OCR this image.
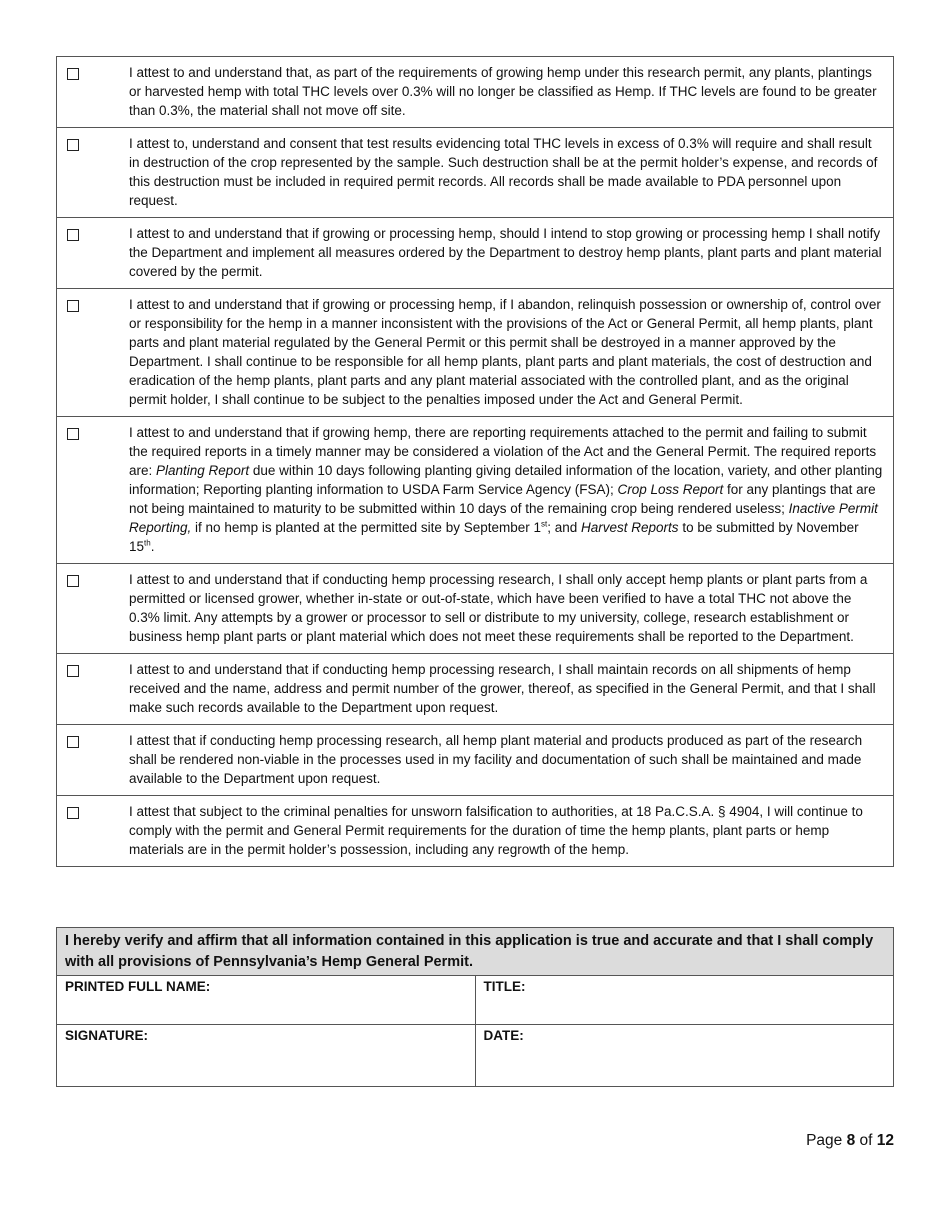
	I attest to and understand that, as part of the requirements of growing hemp under this research permit, any plants, plantings or harvested hemp with total THC levels over 0.3% will no longer be classified as Hemp. If THC levels are found to be greater than 0.3%, the material shall not move off site.
	I attest to, understand and consent that test results evidencing total THC levels in excess of 0.3% will require and shall result in destruction of the crop represented by the sample. Such destruction shall be at the permit holder’s expense, and records of this destruction must be included in required permit records. All records shall be made available to PDA personnel upon request.
	I attest to and understand that if growing or processing hemp, should I intend to stop growing or processing hemp I shall notify the Department and implement all measures ordered by the Department to destroy hemp plants, plant parts and plant material covered by the permit.
	I attest to and understand that if growing or processing hemp, if I abandon, relinquish possession or ownership of, control over or responsibility for the hemp in a manner inconsistent with the provisions of the Act or General Permit, all hemp plants, plant parts and plant material regulated by the General Permit or this permit shall be destroyed in a manner approved by the Department. I shall continue to be responsible for all hemp plants, plant parts and plant materials, the cost of destruction and eradication of the hemp plants, plant parts and any plant material associated with the controlled plant, and as the original permit holder, I shall continue to be subject to the penalties imposed under the Act and General Permit.
	I attest to and understand that if growing hemp, there are reporting requirements attached to the permit and failing to submit the required reports in a timely manner may be considered a violation of the Act and the General Permit. The required reports are: Planting Report due within 10 days following planting giving detailed information of the location, variety, and other planting information; Reporting planting information to USDA Farm Service Agency (FSA); Crop Loss Report for any plantings that are not being maintained to maturity to be submitted within 10 days of the remaining crop being rendered useless; Inactive Permit Reporting, if no hemp is planted at the permitted site by September 1st; and Harvest Reports to be submitted by November 15th.
	I attest to and understand that if conducting hemp processing research, I shall only accept hemp plants or plant parts from a permitted or licensed grower, whether in-state or out-of-state, which have been verified to have a total THC not above the 0.3% limit. Any attempts by a grower or processor to sell or distribute to my university, college, research establishment or business hemp plant parts or plant material which does not meet these requirements shall be reported to the Department.
	I attest to and understand that if conducting hemp processing research, I shall maintain records on all shipments of hemp received and the name, address and permit number of the grower, thereof, as specified in the General Permit, and that I shall make such records available to the Department upon request.
	I attest that if conducting hemp processing research, all hemp plant material and products produced as part of the research shall be rendered non-viable in the processes used in my facility and documentation of such shall be maintained and made available to the Department upon request.
	I attest that subject to the criminal penalties for unsworn falsification to authorities, at 18 Pa.C.S.A. § 4904, I will continue to comply with the permit and General Permit requirements for the duration of time the hemp plants, plant parts or hemp materials are in the permit holder’s possession, including any regrowth of the hemp.
I hereby verify and affirm that all information contained in this application is true and accurate and that I shall comply with all provisions of Pennsylvania’s Hemp General Permit.	

PRINTED FULL NAME:	TITLE:

SIGNATURE:	DATE:
Page 8 of 12
